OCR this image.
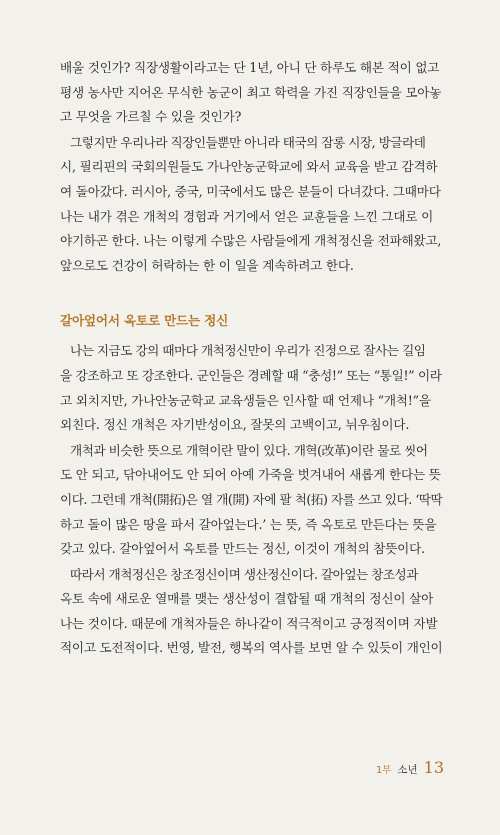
배울 것인가? 직장생활이라고는 단 1년, 아니 단 하루도 해본 적이 없고

평생 농사만 지어온 무식한 농군이 최고 학력을 가진 직장인들을 모아놓

고 무엇을 가르칠 수 있을 것인가?

그렇지만 우리나라 직장인들뿐만 아니라 태국의 잠롱 시장, 방글라데

시, 필리핀의 국회의원들도 가나안농군학교에 와서 교육을 받고 감격하

여 돌아갔다. 러시아, 중국, 미국에서도 많은 분들이 다녀갔다. 그때마다

나는 내가 겪은 개척의 경험과 거기에서 얻은 교훈들을 느낀 그대로 이

야기하곤 한다. 나는 이렇게 수많은 사람들에게 개척정신을 전파해왔고,

앞으로도 건강이 허락하는 한 이 일을 계속하려고 한다.

갈아엎어서 옥토로 만드는 정신

나는 지금도 강의 때마다 개척정신만이 우리가 진정으로 잘사는 길임

을 강조하고 또 강조한다. 군인들은 경례할 때 “충성!” 또는 “통일!” 이라

고 외치지만, 가나안농군학교 교육생들은 인사할 때 언제나 “개척!”을

외친다. 정신 개척은 자기반성이요, 잘못의 고백이고, 뉘우침이다.

개척과 비슷한 뜻으로 개혁이란 말이 있다. 개혁(改革)이란 물로 씻어

도 안 되고, 닦아내어도 안 되어 아예 가죽을 벗겨내어 새롭게 한다는 뜻

이다. 그런데 개척(開拓)은 열 개(開) 자에 팔 척(拓) 자를 쓰고 있다. ‘딱딱

하고 돌이 많은 땅을 파서 갈아엎는다.’ 는 뜻, 즉 옥토로 만든다는 뜻을

갖고 있다. 갈아엎어서 옥토를 만드는 정신, 이것이 개척의 참뜻이다.

따라서 개척정신은 창조정신이며 생산정신이다. 갈아엎는 창조성과

옥토 속에 새로운 열매를 맺는 생산성이 결합될 때 개척의 정신이 살아

나는 것이다. 때문에 개척자들은 하나같이 적극적이고 긍정적이며 자발

적이고 도전적이다. 번영, 발전, 행복의 역사를 보면 알 수 있듯이 개인이

1부 소년 13
